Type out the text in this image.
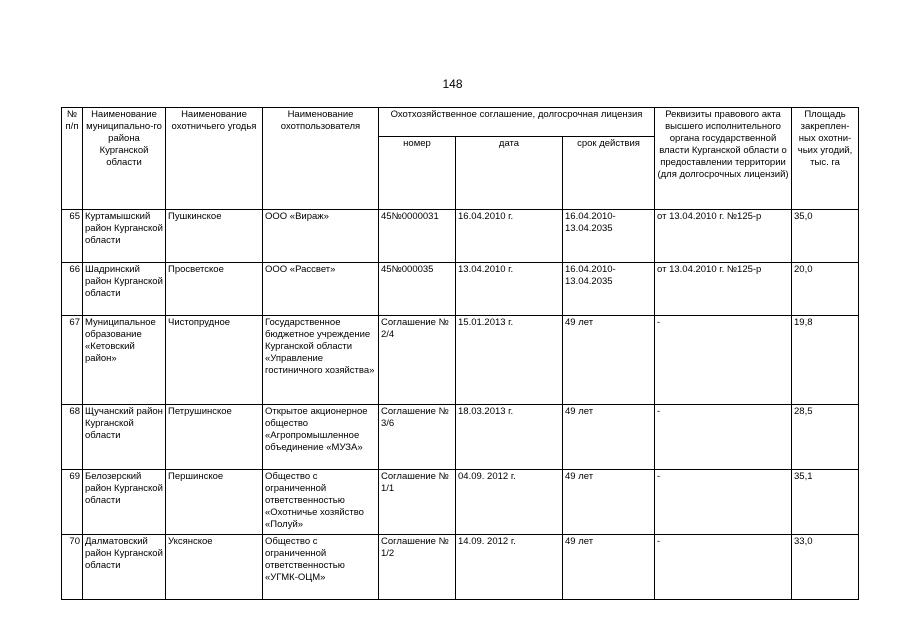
148
№ п/п	Наименование муниципально-го района Курганской области	Наименование охотничьего угодья	Наименование охотпользователя	Охотхозяйственное соглашение, долгосрочная лицензия			Реквизиты правового акта высшего исполнительного органа государственной власти Курганской области о предоставлении территории (для долгосрочных лицензий)	Площадь закреплен-ных охотни-чьих угодий, тыс. га
				номер	дата	срок действия		
65	Куртамышский район Курганской области	Пушкинское	ООО «Вираж»	45№0000031	16.04.2010 г.	16.04.2010-13.04.2035	от 13.04.2010 г. №125-р	35,0
66	Шадринский район Курганской области	Просветское	ООО «Рассвет»	45№000035	13.04.2010 г.	16.04.2010-13.04.2035	от 13.04.2010 г. №125-р	20,0
67	Муниципальное образование «Кетовский район»	Чистопрудное	Государственное бюджетное учреждение Курганской области «Управление гостиничного хозяйства»	Соглашение № 2/4	15.01.2013 г.	49 лет	-	19,8
68	Щучанский район Курганской области	Петрушинское	Открытое акционерное общество «Агропромышленное объединение «МУЗА»	Соглашение № 3/6	18.03.2013 г.	49 лет	-	28,5
69	Белозерский район Курганской области	Першинское	Общество с ограниченной ответственностью «Охотничье хозяйство «Полуй»	Соглашение № 1/1	04.09. 2012 г.	49 лет	-	35,1
70	Далматовский район Курганской области	Уксянское	Общество с ограниченной ответственностью «УГМК-ОЦМ»	Соглашение № 1/2	14.09. 2012 г.	49 лет	-	33,0
